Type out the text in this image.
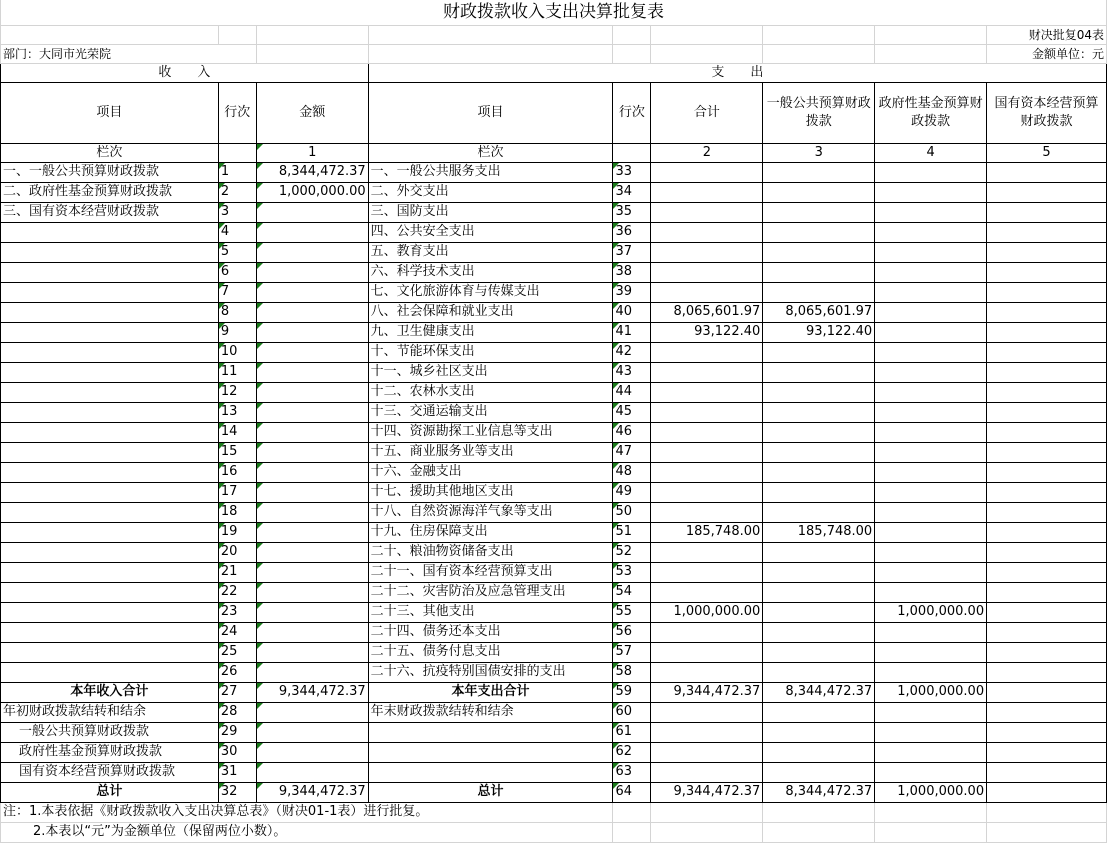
财政拨款收入支出决算批复表								
								财决批复04表
部门：大同市光荣院								金额单位：元
收　　入			支　　出					
项目	行次	金额	项目	行次	合计	一般公共预算财政拨款	政府性基金预算财政拨款	国有资本经营预算财政拨款
栏次		1	栏次		2	3	4	5
一、一般公共预算财政拨款	1	8,344,472.37	一、一般公共服务支出	33				
二、政府性基金预算财政拨款	2	1,000,000.00	二、外交支出	34				
三、国有资本经营财政拨款	3		三、国防支出	35				
	4		四、公共安全支出	36				
	5		五、教育支出	37				
	6		六、科学技术支出	38				
	7		七、文化旅游体育与传媒支出	39				
	8		八、社会保障和就业支出	40	8,065,601.97	8,065,601.97		
	9		九、卫生健康支出	41	93,122.40	93,122.40		
	10		十、节能环保支出	42				
	11		十一、城乡社区支出	43				
	12		十二、农林水支出	44				
	13		十三、交通运输支出	45				
	14		十四、资源勘探工业信息等支出	46				
	15		十五、商业服务业等支出	47				
	16		十六、金融支出	48				
	17		十七、援助其他地区支出	49				
	18		十八、自然资源海洋气象等支出	50				
	19		十九、住房保障支出	51	185,748.00	185,748.00		
	20		二十、粮油物资储备支出	52				
	21		二十一、国有资本经营预算支出	53				
	22		二十二、灾害防治及应急管理支出	54				
	23		二十三、其他支出	55	1,000,000.00		1,000,000.00	
	24		二十四、债务还本支出	56				
	25		二十五、债务付息支出	57				
	26		二十六、抗疫特别国债安排的支出	58				
本年收入合计	27	9,344,472.37	本年支出合计	59	9,344,472.37	8,344,472.37	1,000,000.00	
年初财政拨款结转和结余	28		年末财政拨款结转和结余	60				
一般公共预算财政拨款	29			61				
政府性基金预算财政拨款	30			62				
国有资本经营预算财政拨款	31			63				
总计	32	9,344,472.37	总计	64	9,344,472.37	8,344,472.37	1,000,000.00	
注：1.本表依据《财政拨款收入支出决算总表》（财决01-1表）进行批复。								
2.本表以“元”为金额单位（保留两位小数）。								
